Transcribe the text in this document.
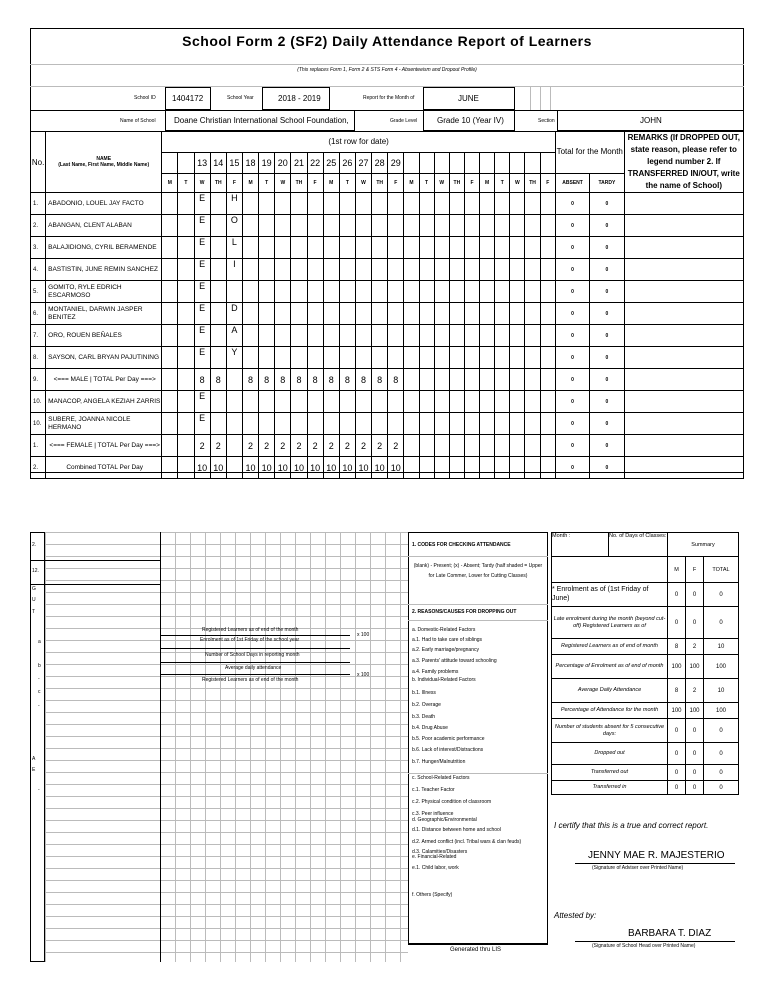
School Form 2 (SF2) Daily Attendance Report of Learners
(This replaces Form 1, Form 2 & STS Form 4 - Absenteeism and Dropout Profile)
School ID 1404172	School Year	2018 - 2019	Report for the Month of	JUNE
Name of School Doane Christian International School Foundation,	Grade Level Grade 10 (Year IV)	Section	JOHN
No.	NAME
(Last Name, First Name, Middle Name)	(1st row for date)																									Total for the Month		REMARKS (If DROPPED OUT, state reason, please refer to legend number 2. If TRANSFERRED IN/OUT, write the name of School)
				13	14	15	18	19	20	21	22	25	26	27	28	29													
		M	T	W	TH	F	M	T	W	TH	F	M	T	W	TH	F	M	T	W	TH	F	M	T	W	TH	F	ABSENT	TARDY	
1.	ABADONIO, LOUEL JAY FACTO			E		H																					0	0	
2.	ABANGAN, CLENT ALABAN			E		O																					0	0	
3.	BALAJIDIONG, CYRIL BERAMENDE			E		L																					0	0	
4.	BASTISTIN, JUNE REMIN SANCHEZ			E		I																					0	0	
5.	GOMITO, RYLE EDRICH ESCARMOSO			E																							0	0	
6.	MONTANIEL, DARWIN JASPER BENITEZ			E		D																					0	0	
7.	ORO, ROUEN BEÑALES			E		A																					0	0	
8.	SAYSON, CARL BRYAN PAJUTINING			E		Y																					0	0	
9.	<=== MALE | TOTAL Per Day ===>			8	8		8	8	8	8	8	8	8	8	8	8											0	0	
10.	MANACOP, ANGELA KEZIAH ZARRIS			E																							0	0	
10.	SUBERE, JOANNA NICOLE HERMANO			E																							0	0	
1.	<=== FEMALE | TOTAL Per Day ===>			2	2		2	2	2	2	2	2	2	2	2	2											0	0	
2.	Combined TOTAL Per Day			10	10		10	10	10	10	10	10	10	10	10	10											0	0	
2.
12.
G
U
T
a
b
-
c
-
A
E
-
Registered Learners as of end of the month
Enrolment as of 1st Friday of the school year
x 100
Number of School Days in reporting month
Average daily attendance
Registered Learners as of end of the month
x 100
1. CODES FOR CHECKING ATTENDANCE
(blank) - Present; (x) - Absent; Tardy (half shaded = Upper for Late Commer, Lower for Cutting Classes)
2. REASONS/CAUSES FOR DROPPING OUT
a. Domestic-Related Factors
a.1. Had to take care of siblings
a.2. Early marriage/pregnancy
a.3. Parents' attitude toward schooling
a.4. Family problems
b. Individual-Related Factors
b.1. Illness
b.2. Overage
b.3. Death
b.4. Drug Abuse
b.5. Poor academic performance
b.6. Lack of interest/Distractions
b.7. Hunger/Malnutrition
c. School-Related Factors
c.1. Teacher Factor
c.2. Physical condition of classroom
c.3. Peer influence
d. Geographic/Environmental
d.1. Distance between home and school
d.2. Armed conflict (incl. Tribal wars & clan feuds)
d.3. Calamities/Disasters
e. Financial-Related
e.1. Child labor, work
f. Others (Specify)
Generated thru LIS
Month :	No. of Days of Classes:	Summary		
		M	F	TOTAL
* Enrolment as of (1st Friday of June)		0	0	0
Late enrolment during the month (beyond cut-off) Registered Learners as of		0	0	0
Registered Learners as of end of month		8	2	10
Percentage of Enrolment as of end of month		100	100	100
Average Daily Attendance		8	2	10
Percentage of Attendance for the month		100	100	100
Number of students absent for 5 consecutive days:		0	0	0
Dropped out		0	0	0
Transferred out		0	0	0
Transferred in		0	0	0
I certify that this is a true and correct report.
JENNY MAE R. MAJESTERIO
(Signature of Adviser over Printed Name)
Attested by:
BARBARA T. DIAZ
(Signature of School Head over Printed Name)
